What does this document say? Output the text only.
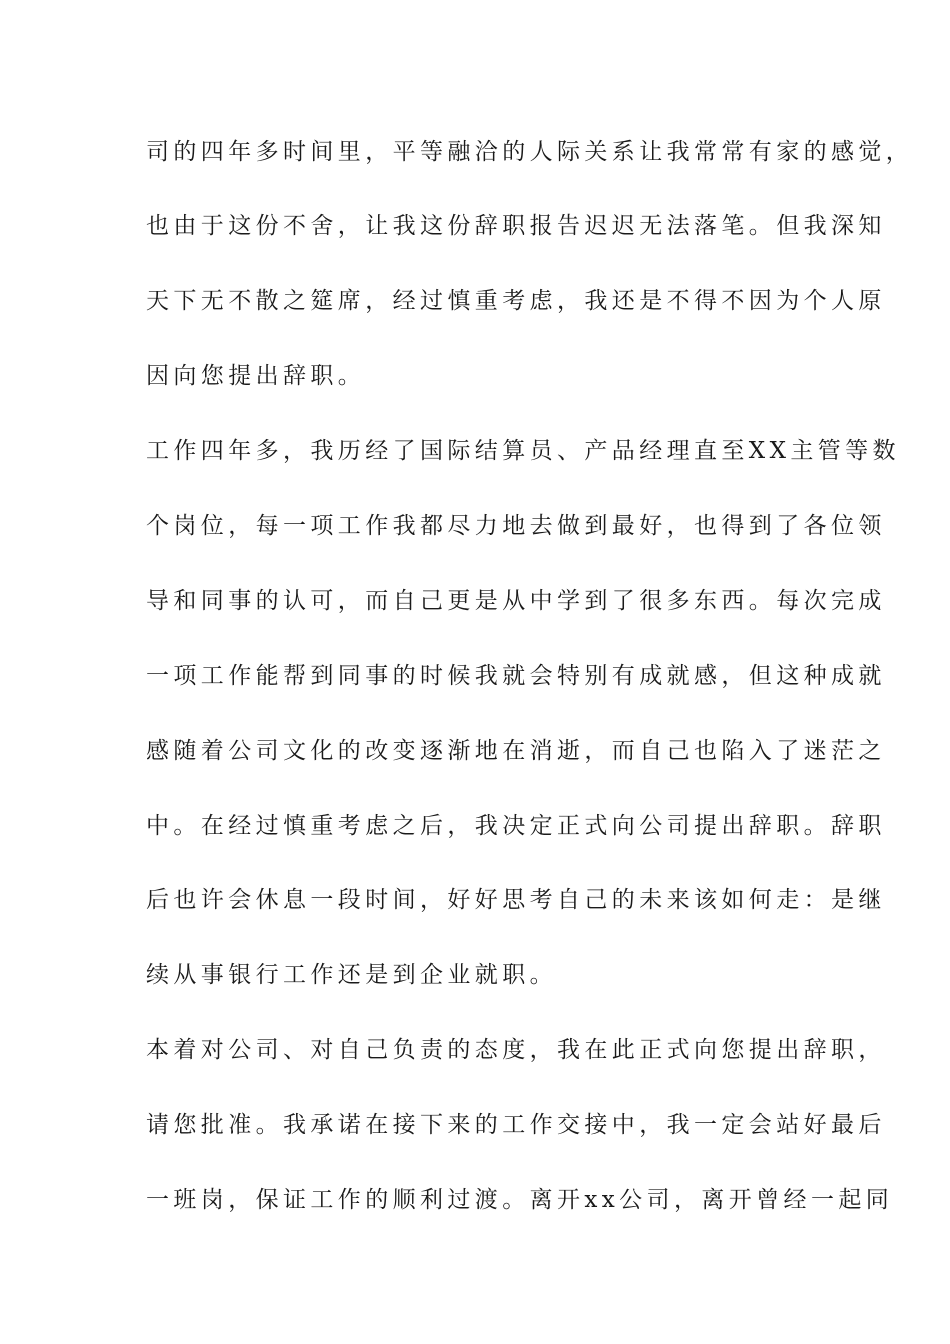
司的四年多时间里，平等融洽的人际关系让我常常有家的感觉，
也由于这份不舍，让我这份辞职报告迟迟无法落笔。但我深知
天下无不散之筵席，经过慎重考虑，我还是不得不因为个人原
因向您提出辞职。
工作四年多，我历经了国际结算员、产品经理直至XX主管等数
个岗位，每一项工作我都尽力地去做到最好，也得到了各位领
导和同事的认可，而自己更是从中学到了很多东西。每次完成
一项工作能帮到同事的时候我就会特别有成就感，但这种成就
感随着公司文化的改变逐渐地在消逝，而自己也陷入了迷茫之
中。在经过慎重考虑之后，我决定正式向公司提出辞职。辞职
后也许会休息一段时间，好好思考自己的未来该如何走：是继
续从事银行工作还是到企业就职。
本着对公司、对自己负责的态度，我在此正式向您提出辞职，
请您批准。我承诺在接下来的工作交接中，我一定会站好最后
一班岗，保证工作的顺利过渡。离开xx公司，离开曾经一起同
